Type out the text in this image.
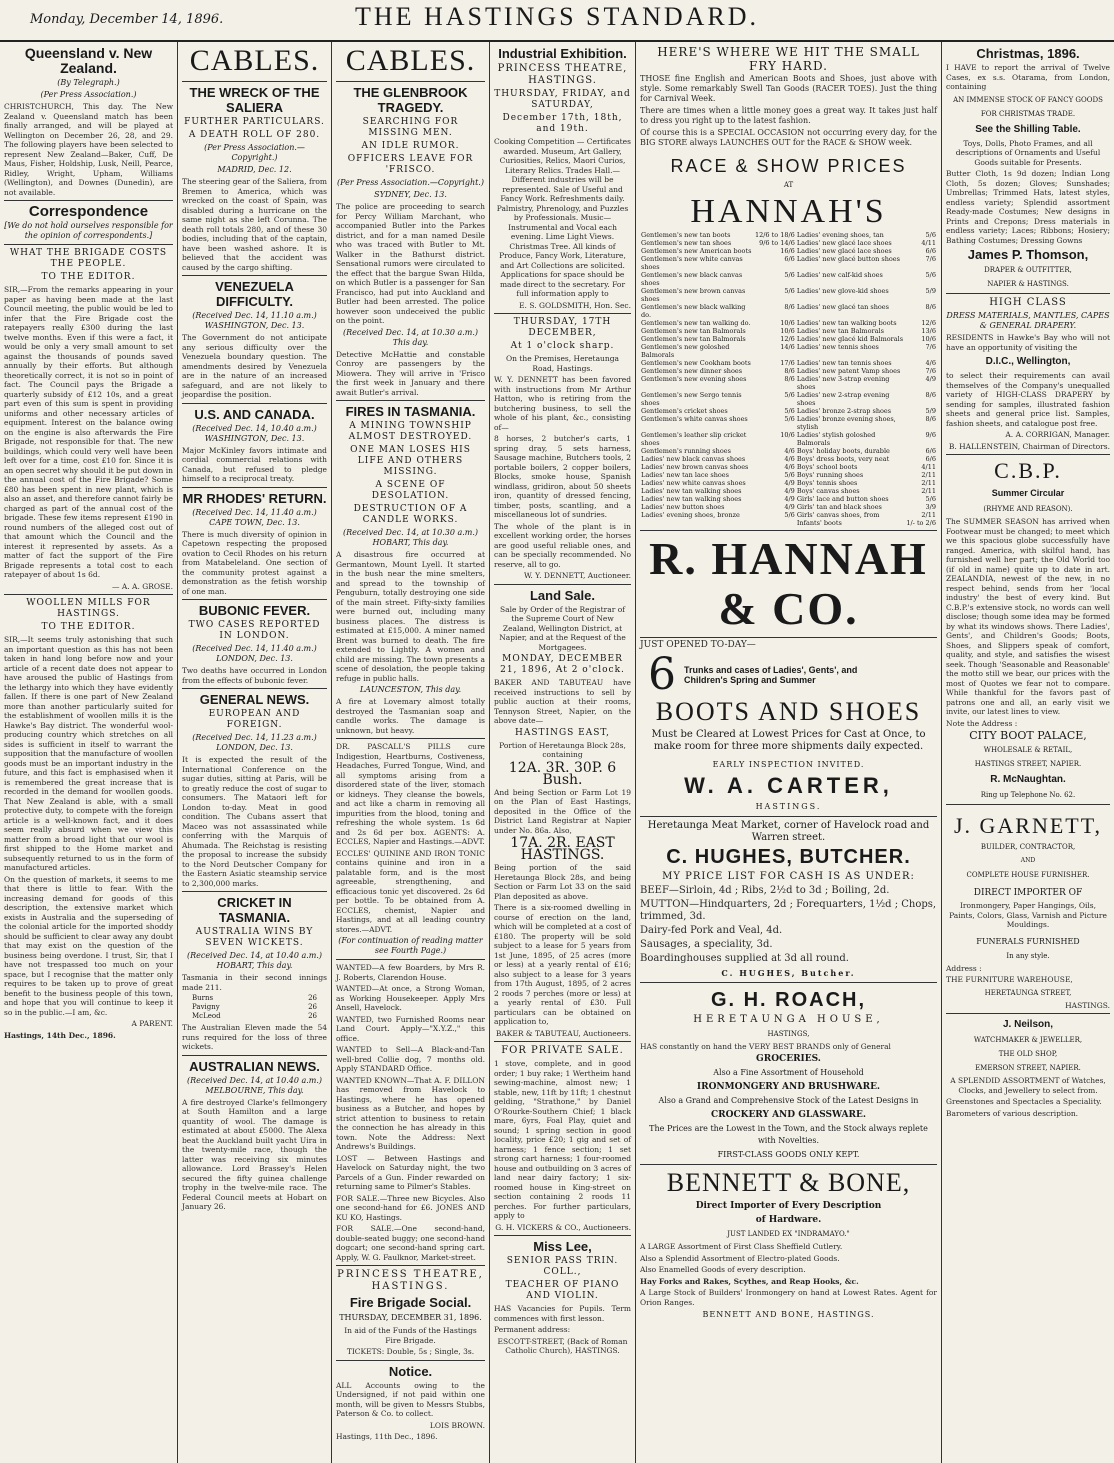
Monday, December 14, 1896.	THE HASTINGS STANDARD.
Queensland v. New Zealand.
(By Telegraph.)
(Per Press Association.)
CHRISTCHURCH, This day. The New Zealand v. Queensland match has been finally arranged, and will be played at Wellington on December 26, 28, and 29. The following players have been selected to represent New Zealand—Baker, Cuff, De Maus, Fisher, Holdship, Lusk, Neill, Pearce, Ridley, Wright, Upham, Williams (Wellington), and Downes (Dunedin), are not available.
Correspondence
[We do not hold ourselves responsible for the opinion of correspondents.]
WHAT THE BRIGADE COSTS THE PEOPLE.
TO THE EDITOR.
SIR,—From the remarks appearing in your paper as having been made at the last Council meeting, the public would be led to infer that the Fire Brigade cost the ratepayers really £300 during the last twelve months. Even if this were a fact, it would be only a very small amount to set against the thousands of pounds saved annually by their efforts. But although theoretically correct, it is not so in point of fact. The Council pays the Brigade a quarterly subsidy of £12 10s, and a great part even of this sum is spent in providing uniforms and other necessary articles of equipment. Interest on the balance owing on the engine is also afterwards the Fire Brigade, not responsible for that. The new buildings, which could very well have been left over for a time, cost £10 for. Since it is an open secret why should it be put down in the annual cost of the Fire Brigade? Some £80 has been spent in new plant, which is also an asset, and therefore cannot fairly be charged as part of the annual cost of the brigade. These few items represent £190 in round numbers of the alleged cost out of that amount which the Council and the interest it represented by assets. As a matter of fact the support of the Fire Brigade represents a total cost to each ratepayer of about 1s 6d.
— A. A. GROSE.
WOOLLEN MILLS FOR HASTINGS.
TO THE EDITOR.
SIR,—It seems truly astonishing that such an important question as this has not been taken in hand long before now and your article of a recent date does not appear to have aroused the public of Hastings from the lethargy into which they have evidently fallen. If there is one part of New Zealand more than another particularly suited for the establishment of woollen mills it is the Hawke's Bay district. The wonderful wool-producing country which stretches on all sides is sufficient in itself to warrant the supposition that the manufacture of woollen goods must be an important industry in the future, and this fact is emphasised when it is remembered the great increase that is recorded in the demand for woollen goods. That New Zealand is able, with a small protective duty, to compete with the foreign article is a well-known fact, and it does seem really absurd when we view this matter from a broad light that our wool is first shipped to the Home market and subsequently returned to us in the form of manufactured articles.
On the question of markets, it seems to me that there is little to fear. With the increasing demand for goods of this description, the extensive market which exists in Australia and the superseding of the colonial article for the imported shoddy should be sufficient to clear away any doubt that may exist on the question of the business being overdone. I trust, Sir, that I have not trespassed too much on your space, but I recognise that the matter only requires to be taken up to prove of great benefit to the business people of this town, and hope that you will continue to keep it so in the public.—I am, &c.
A PARENT.
Hastings, 14th Dec., 1896.
CABLES.
THE WRECK OF THE SALIERA
FURTHER PARTICULARS.
A DEATH ROLL OF 280.
(Per Press Association.—Copyright.)
MADRID, Dec. 12.
The steering gear of the Saliera, from Bremen to America, which was wrecked on the coast of Spain, was disabled during a hurricane on the same night as she left Corunna. The death roll totals 280, and of these 30 bodies, including that of the captain, have been washed ashore. It is believed that the accident was caused by the cargo shifting.
VENEZUELA DIFFICULTY.
(Received Dec. 14, 11.10 a.m.) WASHINGTON, Dec. 13.
The Government do not anticipate any serious difficulty over the Venezuela boundary question. The amendments desired by Venezuela are in the nature of an increased safeguard, and are not likely to jeopardise the position.
U.S. AND CANADA.
(Received Dec. 14, 10.40 a.m.) WASHINGTON, Dec. 13.
Major McKinley favors intimate and cordial commercial relations with Canada, but refused to pledge himself to a reciprocal treaty.
MR RHODES' RETURN.
(Received Dec. 14, 11.40 a.m.) CAPE TOWN, Dec. 13.
There is much diversity of opinion in Capetown respecting the proposed ovation to Cecil Rhodes on his return from Matabeleland. One section of the community protest against a demonstration as the fetish worship of one man.
BUBONIC FEVER.
TWO CASES REPORTED IN LONDON.
(Received Dec. 14, 11.40 a.m.) LONDON, Dec. 13.
Two deaths have occurred in London from the effects of bubonic fever.
GENERAL NEWS.
EUROPEAN AND FOREIGN.
(Received Dec. 14, 11.23 a.m.) LONDON, Dec. 13.
It is expected the result of the International Conference on the sugar duties, sitting at Paris, will be to greatly reduce the cost of sugar to consumers. The Mataori left for London to-day. Meat in good condition. The Cubans assert that Maceo was not assassinated while conferring with the Marquis of Ahumada. The Reichstag is resisting the proposal to increase the subsidy to the Nord Deutscher Company for the Eastern Asiatic steamship service to 2,300,000 marks.
CRICKET IN TASMANIA.
AUSTRALIA WINS BY SEVEN WICKETS.
(Received Dec. 14, at 10.40 a.m.) HOBART, This day.
Tasmania in their second innings made 211.
Burns	26
Pavigny	26
McLeod	26
The Australian Eleven made the 54 runs required for the loss of three wickets.
AUSTRALIAN NEWS.
(Received Dec. 14, at 10.40 a.m.) MELBOURNE, This day.
A fire destroyed Clarke's fellmongery at South Hamilton and a large quantity of wool. The damage is estimated at about £5000. The Alexa beat the Auckland built yacht Uira in the twenty-mile race, though the latter was receiving six minutes allowance. Lord Brassey's Helen secured the fifty guinea challenge trophy in the twelve-mile race. The Federal Council meets at Hobart on January 26.
CABLES.
THE GLENBROOK TRAGEDY.
SEARCHING FOR MISSING MEN.
AN IDLE RUMOR.
OFFICERS LEAVE FOR 'FRISCO.
(Per Press Association.—Copyright.)
SYDNEY, Dec. 13.
The police are proceeding to search for Percy William Marchant, who accompanied Butler into the Parkes district, and for a man named Desile who was traced with Butler to Mt. Walker in the Bathurst district. Sensational rumors were circulated to the effect that the bargue Swan Hilda, on which Butler is a passenger for San Francisco, had put into Auckland and Butler had been arrested. The police however soon undeceived the public on the point.
(Received Dec. 14, at 10.30 a.m.) This day.
Detective McHattie and constable Conroy are passengers by the Miowera. They will arrive in 'Frisco the first week in January and there await Butler's arrival.
FIRES IN TASMANIA.
A MINING TOWNSHIP ALMOST DESTROYED.
ONE MAN LOSES HIS LIFE AND OTHERS MISSING.
A SCENE OF DESOLATION.
DESTRUCTION OF A CANDLE WORKS.
(Received Dec. 14, at 10.30 a.m.) HOBART, This day.
A disastrous fire occurred at Germantown, Mount Lyell. It started in the bush near the mine smelters, and spread to the township of Penguburn, totally destroying one side of the main street. Fifty-sixty families were burned out, including many business places. The distress is estimated at £15,000. A miner named Brent was burned to death. The fire extended to Lightly. A women and child are missing. The town presents a scene of desolation, the people taking refuge in public halls.
LAUNCESTON, This day.
A fire at Lovemary almost totally destroyed the Tasmanian soap and candle works. The damage is unknown, but heavy.
DR. PASCALL'S PILLS cure Indigestion, Heartburns, Costiveness, Headaches, Furred Tongue, Wind, and all symptoms arising from a disordered state of the liver, stomach or kidneys. They cleanse the bowels, and act like a charm in removing all impurities from the blood, toning and refreshing the whole system. 1s 6d and 2s 6d per box. AGENTS: A. ECCLES, Napier and Hastings.—ADVT.
ECCLES' QUININE AND IRON TONIC contains quinine and iron in a palatable form, and is the most agreeable, strengthening, and efficacious tonic yet discovered. 2s 6d per bottle. To be obtained from A. ECCLES, chemist, Napier and Hastings, and at all leading country stores.—ADVT.
(For continuation of reading matter see Fourth Page.)
WANTED—A few Boarders, by Mrs R. J. Roberts, Clarendon House.
WANTED—At once, a Strong Woman, as Working Housekeeper. Apply Mrs Ansell, Havelock.
WANTED, two Furnished Rooms near Land Court. Apply—"X.Y.Z.," this office.
WANTED to Sell—A Black-and-Tan well-bred Collie dog, 7 months old. Apply STANDARD Office.
WANTED KNOWN—That A. F. DILLON has removed from Havelock to Hastings, where he has opened business as a Butcher, and hopes by strict attention to business to retain the connection he has already in this town. Note the Address: Next Andrews's Buildings.
LOST — Between Hastings and Havelock on Saturday night, the two Parcels of a Gun. Finder rewarded on returning same to Pilmer's Stables.
FOR SALE.—Three new Bicycles. Also one second-hand for £6. JONES AND KU KO, Hastings.
FOR SALE.—One second-hand, double-seated buggy; one second-hand dogcart; one second-hand spring cart. Apply, W. G. Faulknor, Market-street.
PRINCESS THEATRE, HASTINGS.
Fire Brigade Social.
THURSDAY, DECEMBER 31, 1896.
In aid of the Funds of the Hastings Fire Brigade.
TICKETS: Double, 5s ; Single, 3s.
Notice.
ALL Accounts owing to the Undersigned, if not paid within one month, will be given to Messrs Stubbs, Paterson & Co. to collect.
LOIS BROWN.
Hastings, 11th Dec., 1896.
Industrial Exhibition.
PRINCESS THEATRE, HASTINGS.
THURSDAY, FRIDAY, and SATURDAY,
December 17th, 18th, and 19th.
Cooking Competition — Certificates awarded. Museum, Art Gallery, Curiosities, Relics, Maori Curios, Literary Relics. Trades Hall.—Different industries will be represented. Sale of Useful and Fancy Work. Refreshments daily. Palmistry, Phrenology, and Puzzles by Professionals. Music—Instrumental and Vocal each evening. Lime Light Views. Christmas Tree. All kinds of Produce, Fancy Work, Literature, and Art Collections are solicited. Applications for space should be made direct to the secretary. For full information apply to
E. S. GOLDSMITH, Hon. Sec.
THURSDAY, 17TH DECEMBER,
At 1 o'clock sharp.
On the Premises, Heretaunga Road, Hastings.
W. Y. DENNETT has been favored with instructions from Mr Arthur Hatton, who is retiring from the butchering business, to sell the whole of his plant, &c., consisting of—
8 horses, 2 butcher's carts, 1 spring dray, 5 sets harness, Sausage machine, Butchers tools, 2 portable boilers, 2 copper boilers, Blocks, smoke house, Spanish windlass, gridiron, about 50 sheets iron, quantity of dressed fencing, timber, posts, scantling, and a miscellaneous lot of sundries.
The whole of the plant is in excellent working order, the horses are good useful reliable ones, and can be specially recommended. No reserve, all to go.
W. Y. DENNETT, Auctioneer.
Land Sale.
Sale by Order of the Registrar of the Supreme Court of New Zealand, Wellington District, at Napier, and at the Request of the Mortgagees.
MONDAY, DECEMBER 21, 1896, At 2 o'clock.
BAKER AND TABUTEAU have received instructions to sell by public auction at their rooms, Tennyson Street, Napier, on the above date—
HASTINGS EAST,
Portion of Heretaunga Block 28s, containing
12A. 3R. 30P. 6 Bush.
And being Section or Farm Lot 19 on the Plan of East Hastings, deposited in the Office of the District Land Registrar at Napier under No. 86a. Also,
17A. 2R. EAST HASTINGS.
Being portion of the said Heretaunga Block 28s, and being Section or Farm Lot 33 on the said Plan deposited as above.
There is a six-roomed dwelling in course of erection on the land, which will be completed at a cost of £180. The property will be sold subject to a lease for 5 years from 1st June, 1895, of 25 acres (more or less) at a yearly rental of £16; also subject to a lease for 3 years from 17th August, 1895, of 2 acres 2 roods 7 perches (more or less) at a yearly rental of £30. Full particulars can be obtained on application to,
BAKER & TABUTEAU, Auctioneers.
FOR PRIVATE SALE.
1 stove, complete, and in good order; 1 buy rake; 1 Wertheim hand sewing-machine, almost new; 1 stable, new, 11ft by 11ft; 1 chestnut gelding, "Strathone," by Daniel O'Rourke-Southern Chief; 1 black mare, 6yrs, Foal Play, quiet and sound; 1 spring section in good locality, price £20; 1 gig and set of harness; 1 fence section; 1 set strong cart harness; 1 four-roomed house and outbuilding on 3 acres of land near dairy factory; 1 six-roomed house in King-street on section containing 2 roods 11 perches. For further particulars, apply to
G. H. VICKERS & CO., Auctioneers.
Miss Lee,
SENIOR PASS TRIN. COLL.,
TEACHER OF PIANO AND VIOLIN.
HAS Vacancies for Pupils. Term commences with first lesson.
Permanent address:
ESCOTT-STREET, (Back of Roman Catholic Church), HASTINGS.
HERE'S WHERE WE HIT THE SMALL
FRY HARD.
THOSE fine English and American Boots and Shoes, just above with style. Some remarkably Swell Tan Goods (RACER TOES). Just the thing for Carnival Week.
There are times when a little money goes a great way. It takes just half to dress you right up to the latest fashion.
Of course this is a SPECIAL OCCASION not occurring every day, for the BIG STORE always LAUNCHES OUT for the RACE & SHOW week.
RACE & SHOW PRICES
AT
HANNAH'S
Gentlemen's new tan boots	12/6 to 18/6	Ladies' evening shoes, tan	5/6
Gentlemen's new tan shoes	9/6 to 14/6	Ladies' new glacé lace shoes	4/11
Gentlemen's new American boots	16/6	Ladies' new glacé lace shoes	6/6
Gentlemen's new white canvas shoes	6/6	Ladies' new glacé button shoes	7/6
Gentlemen's new black canvas shoes	5/6	Ladies' new calf-kid shoes	5/6
Gentlemen's new brown canvas shoes	5/6	Ladies' new glove-kid shoes	5/9
Gentlemen's new black walking do.	8/6	Ladies' new glacé tan shoes	8/6
Gentlemen's new tan walking do.	10/6	Ladies' new tan walking boots	12/6
Gentlemen's new tan Balmorals	10/6	Ladies' new tan Balmorals	13/6
Gentlemen's new tan Balmorals	12/6	Ladies' new glacé kid Balmorals	10/6
Gentlemen's new goloshed Balmorals	14/6	Ladies' new tennis shoes	7/6
Gentlemen's new Cookham boots	17/6	Ladies' new tan tennis shoes	4/6
Gentlemen's new dinner shoes	8/6	Ladies' new patent Vamp shoes	7/6
Gentlemen's new evening shoes	8/6	Ladies' new 3-strap evening shoes	4/9
Gentlemen's new Sergo tennis shoes	5/6	Ladies' new 2-strap evening shoes	8/6
Gentlemen's cricket shoes	5/6	Ladies' bronze 2-strap shoes	5/9
Gentlemen's white canvas shoes	5/6	Ladies' bronze evening shoes, stylish	8/6
Gentlemen's leather slip cricket shoes	10/6	Ladies' stylish goloshed Balmorals	9/6
Gentlemen's running shoes	4/6	Boys' holiday boots, durable	6/6
Ladies' new black canvas shoes	4/6	Boys' dress boots, very neat	6/6
Ladies' new brown canvas shoes	4/6	Boys' school boots	4/11
Ladies' new tan lace shoes	5/6	Boys' running shoes	2/11
Ladies' new white canvas shoes	4/9	Boys' tennis shoes	2/11
Ladies' new tan walking shoes	4/9	Boys' canvas shoes	2/11
Ladies' new tan walking shoes	4/9	Girls' lace and button shoes	5/6
Ladies' new button shoes	4/9	Girls' tan and black shoes	3/9
Ladies' evening shoes, bronze	5/6	Girls' canvas shoes, from	2/11
		Infants' boots	1/- to 2/6
R. HANNAH & CO.
JUST OPENED TO-DAY—
6 Trunks and cases of Ladies', Gents', and
Children's Spring and Summer
BOOTS AND SHOES
Must be Cleared at Lowest Prices for Cast at Once, to make room for three more shipments daily expected.
EARLY INSPECTION INVITED.
W. A. CARTER,
HASTINGS.
Heretaunga Meat Market, corner of Havelock road and Warren street.
C. HUGHES, BUTCHER.
MY PRICE LIST FOR CASH IS AS UNDER:
BEEF—Sirloin, 4d ; Ribs, 2½d to 3d ; Boiling, 2d.
MUTTON—Hindquarters, 2d ; Forequarters, 1½d ; Chops, trimmed, 3d.
Dairy-fed Pork and Veal, 4d.
Sausages, a speciality, 3d.
Boardinghouses supplied at 3d all round.
C. HUGHES, Butcher.
G. H. ROACH,
HERETAUNGA HOUSE,
HASTINGS,
HAS constantly on hand the VERY BEST BRANDS only of General
GROCERIES.
Also a Fine Assortment of Household
IRONMONGERY AND BRUSHWARE.
Also a Grand and Comprehensive Stock of the Latest Designs in
CROCKERY AND GLASSWARE.
The Prices are the Lowest in the Town, and the Stock always replete with Novelties.
FIRST-CLASS GOODS ONLY KEPT.
BENNETT & BONE,
Direct Importer of Every Description
of Hardware.
JUST LANDED EX "INDRAMAYO."
A LARGE Assortment of First Class Sheffield Cutlery.
Also a Splendid Assortment of Electro-plated Goods.
Also Enamelled Goods of every description.
Hay Forks and Rakes, Scythes, and Reap Hooks, &c.
A Large Stock of Builders' Ironmongery on hand at Lowest Rates. Agent for Orion Ranges.
BENNETT AND BONE, HASTINGS.
Christmas, 1896.
I HAVE to report the arrival of Twelve Cases, ex s.s. Otarama, from London, containing
AN IMMENSE STOCK OF FANCY GOODS
FOR CHRISTMAS TRADE.
See the Shilling Table.
Toys, Dolls, Photo Frames, and all descriptions of Ornaments and Useful Goods suitable for Presents.
Butter Cloth, 1s 9d dozen; Indian Long Cloth, 5s dozen; Gloves; Sunshades; Umbrellas; Trimmed Hats, latest styles, endless variety; Splendid assortment Ready-made Costumes; New designs in Prints and Crepons; Dress materials in endless variety; Laces; Ribbons; Hosiery; Bathing Costumes; Dressing Gowns
James P. Thomson,
DRAPER & OUTFITTER,
NAPIER & HASTINGS.
HIGH CLASS
DRESS MATERIALS, MANTLES, CAPES & GENERAL DRAPERY.
RESIDENTS in Hawke's Bay who will not have an opportunity of visiting the
D.I.C., Wellington,
to select their requirements can avail themselves of the Company's unequalled variety of HIGH-CLASS DRAPERY by sending for samples, illustrated fashion sheets and general price list. Samples, fashion sheets, and catalogue post free.
A. A. CORRIGAN, Manager.
B. HALLENSTEIN, Chairman of Directors.
C.B.P.
Summer Circular
(RHYME AND REASON).
The SUMMER SEASON has arrived when Footwear must be changed; to meet which we this spacious globe successfully have ranged. America, with skilful hand, has furnished well her part; the Old World too (if old in name) quite up to date in art. ZEALANDIA, newest of the new, in no respect behind, sends from her 'local industry' the best of every kind. But C.B.P.'s extensive stock, no words can well disclose; though some idea may be formed by what its windows shows. There Ladies', Gents', and Children's Goods; Boots, Shoes, and Slippers speak of comfort, quality, and style, and satisfies the wisest seek. Though 'Seasonable and Reasonable' the motto still we bear, our prices with the most of Quotes we fear not to compare. While thankful for the favors past of patrons one and all, an early visit we invite, our latest lines to view.
Note the Address :
CITY BOOT PALACE,
WHOLESALE & RETAIL,
HASTINGS STREET, NAPIER.
R. McNaughtan.
Ring up Telephone No. 62.
J. GARNETT,
BUILDER, CONTRACTOR,
AND
COMPLETE HOUSE FURNISHER.
DIRECT IMPORTER OF
Ironmongery, Paper Hangings, Oils, Paints, Colors, Glass, Varnish and Picture Mouldings.
FUNERALS FURNISHED
In any style.
Address :
THE FURNITURE WAREHOUSE,
HERETAUNGA STREET,
HASTINGS.
J. Neilson,
WATCHMAKER & JEWELLER,
THE OLD SHOP,
EMERSON STREET, NAPIER.
A SPLENDID ASSORTMENT of Watches, Clocks, and Jewellery to select from.
Greenstones and Spectacles a Speciality.
Barometers of various description.
